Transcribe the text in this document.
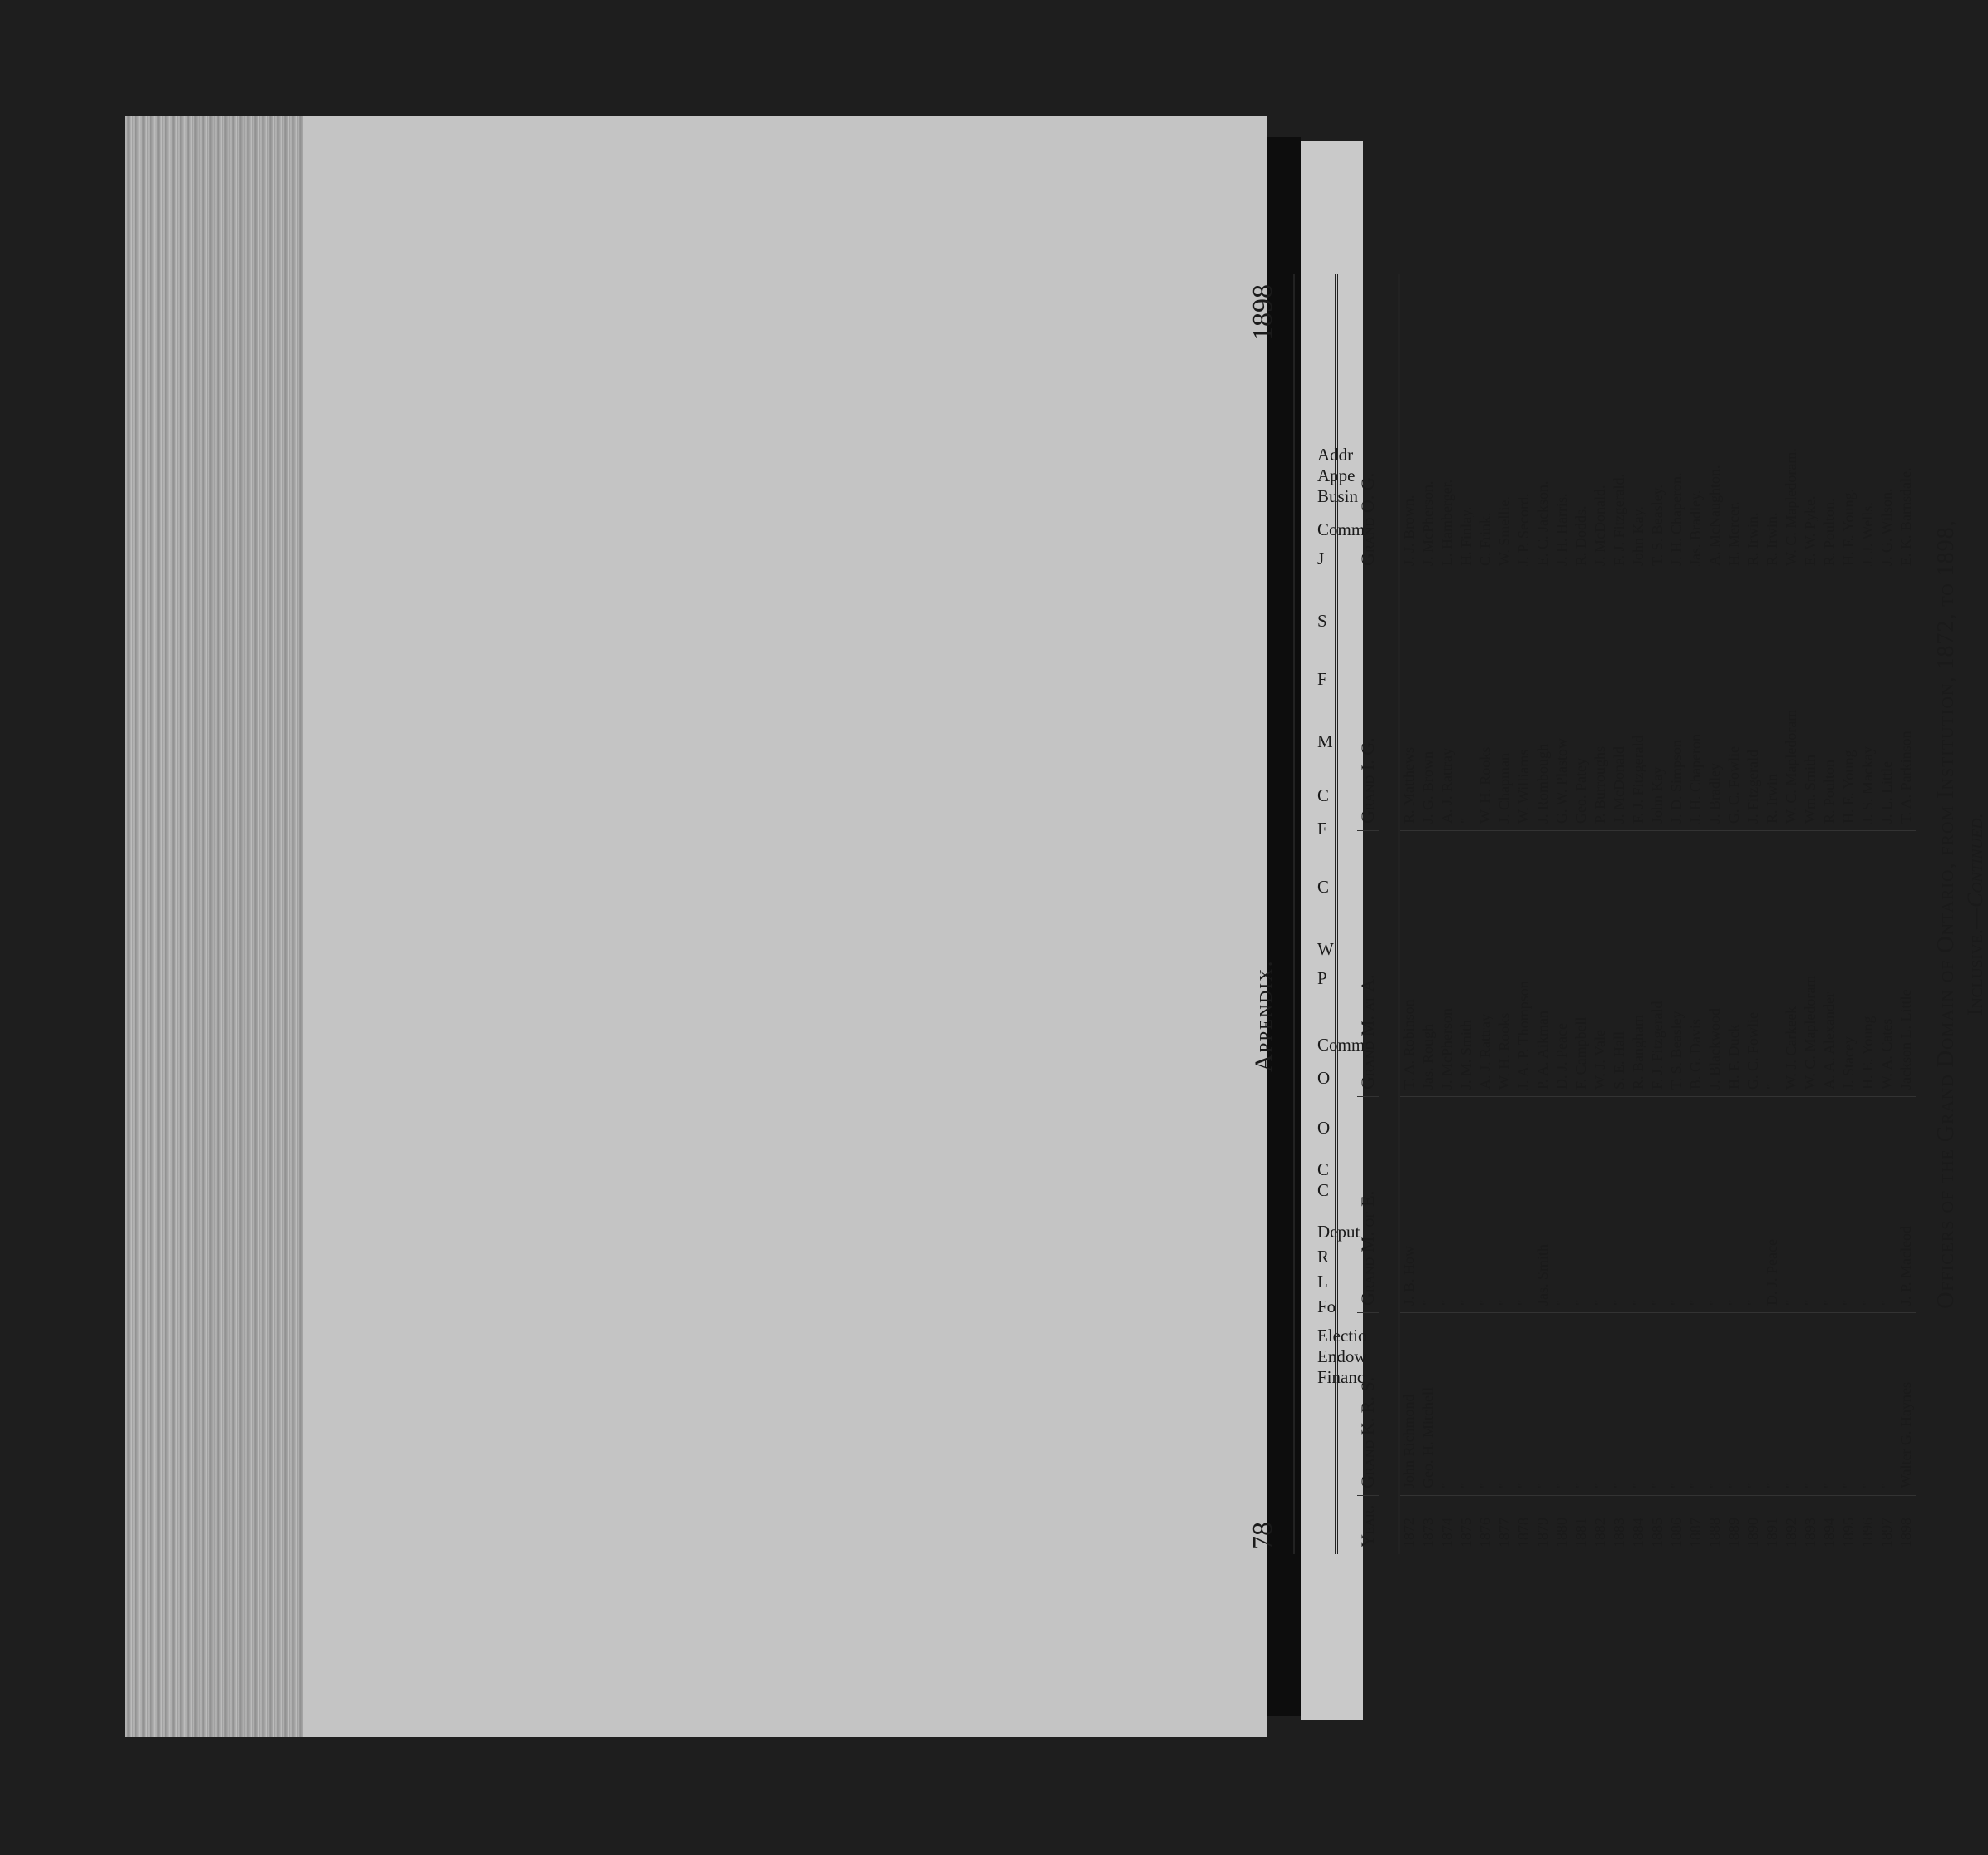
Addr
Appe
Busin
Comm
J
S
F
M
C
F
C
W
P
Comm
O
O
C
C
Deput
R
L
Fo
Electio
Endow
Financ
78
Appendix.
1898
Year.
Grand K. R. S.
Grand M. of E.
Grand M. at A.
Grand I. G.
Grand O. G.
1872
John Richmond
J. B. How
T. A. Robinson
R. Matthews
J. J. Brown.
1873
Geo. H. Mitchell
"
Jas. Rough
J. G. Brown
J. McPherson.
1874
"
"
J. McPherson
A. J. Rattray
L. Hamberger.
1875
"
"
J. M. Smith
"
H. Finlay.
1876
"
"
A. J. Rattray
W. H. Rooks
C. Frink.
1877
"
"
W. H. Rooks
J. Chapman
W. Smellie.
1878
"
"
J. A. P. Thompson
W. Williams
J. P. Secord.
1879
"
Jas. Smith
P. A. Aikman
J. Rombough
E. C. Jackson.
1880
"
"
D. J. Peace
G. W. Plastow
J. H. Harris.
1881
"
"
F. Campbell
Geo. Patey
R. Dodds.
1882
"
"
W. J. Vale
P. Burroughs
J. McDonald.
1883
"
"
S. E. Hall
J. McDonald
F. J. Fitzgerald.
1884
"
"
R. Bangham
F. J. Fitzgerald
John Kay.
1885
"
"
F. J. Fitzgerald
John Kay
T. S. Beasley.
1886
"
"
T. S. Beasley
J. D. Simpson
J. H. Chaperon.
1887
"
"
B. G. Davis
J. H. Chaperon
Jas. Bradley.
1888
"
"
J. Blackwood
J. Bradley
A. McNaughton.
1889
"
"
H. F. Duck
G. C. Fowlie
H. Mercer.
1890
"
"
G. C. Fowlie
J. Fitzgerald
R. Irwin.
1891
"
D. J. Peace
"
R. Irwin
R. Irwin.
1892
"
"
W. J. Carkeek
W. C. Mapledoram
W. C. Mapledoram.
1893
"
"
W. C. Mapledoram
Wm. Smith
E. W. Pyke.
1894
"
"
A. A. Alexander
R. Poulton
R. Poulton.
1895
"
"
J. Stacey
H. E. Young
H. E. Young.
1896
"
"
H. E. Young
J. S. Mackay
J. J. Wells.
1897
"
"
W. A. Cates
J. L. Little
J. G. Wilson.
1898
Walter G. Haynes
J. P. Macleod
Jackson L. Little
T. A. Parkinson
E. K. Barnsdale.
Officers of the Grand Domain of Ontario, from Institution, 1872, to 1898, Inclusive.—Continued.
